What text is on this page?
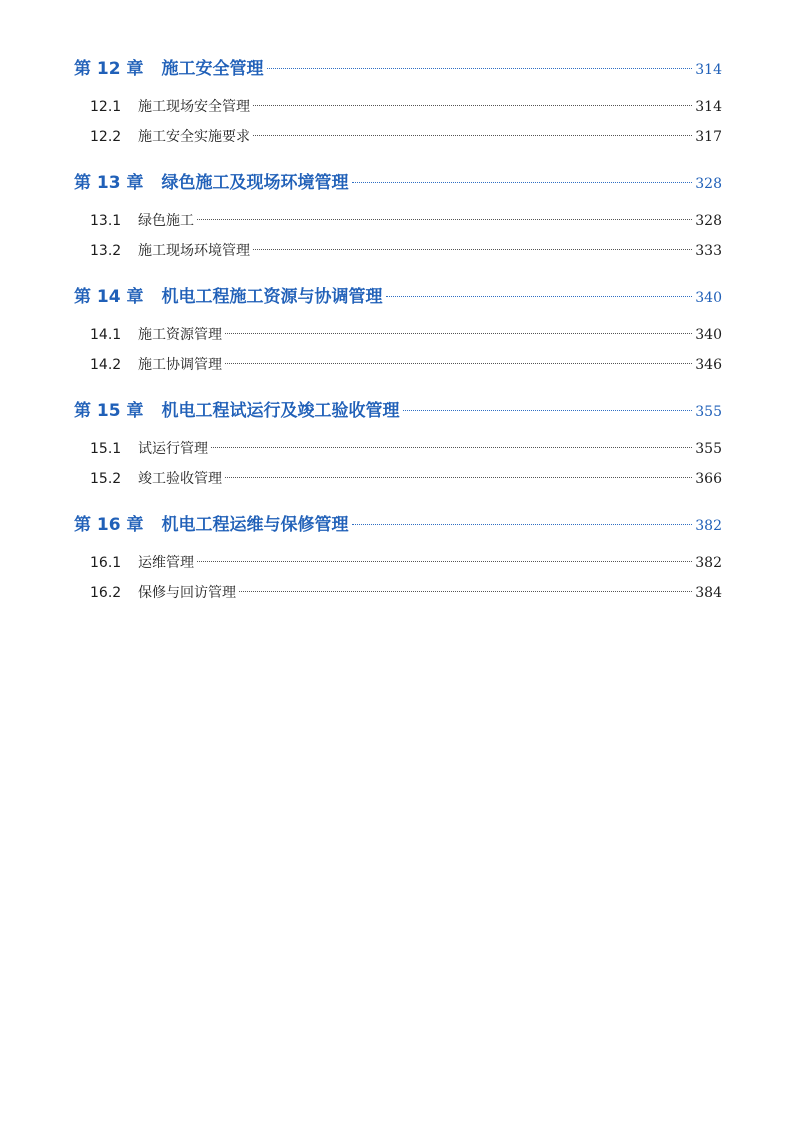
第 12 章 施工安全管理	314
12.1	施工现场安全管理	314
12.2	施工安全实施要求	317
第 13 章 绿色施工及现场环境管理	328
13.1	绿色施工	328
13.2	施工现场环境管理	333
第 14 章 机电工程施工资源与协调管理	340
14.1	施工资源管理	340
14.2	施工协调管理	346
第 15 章 机电工程试运行及竣工验收管理	355
15.1	试运行管理	355
15.2	竣工验收管理	366
第 16 章 机电工程运维与保修管理	382
16.1	运维管理	382
16.2	保修与回访管理	384
